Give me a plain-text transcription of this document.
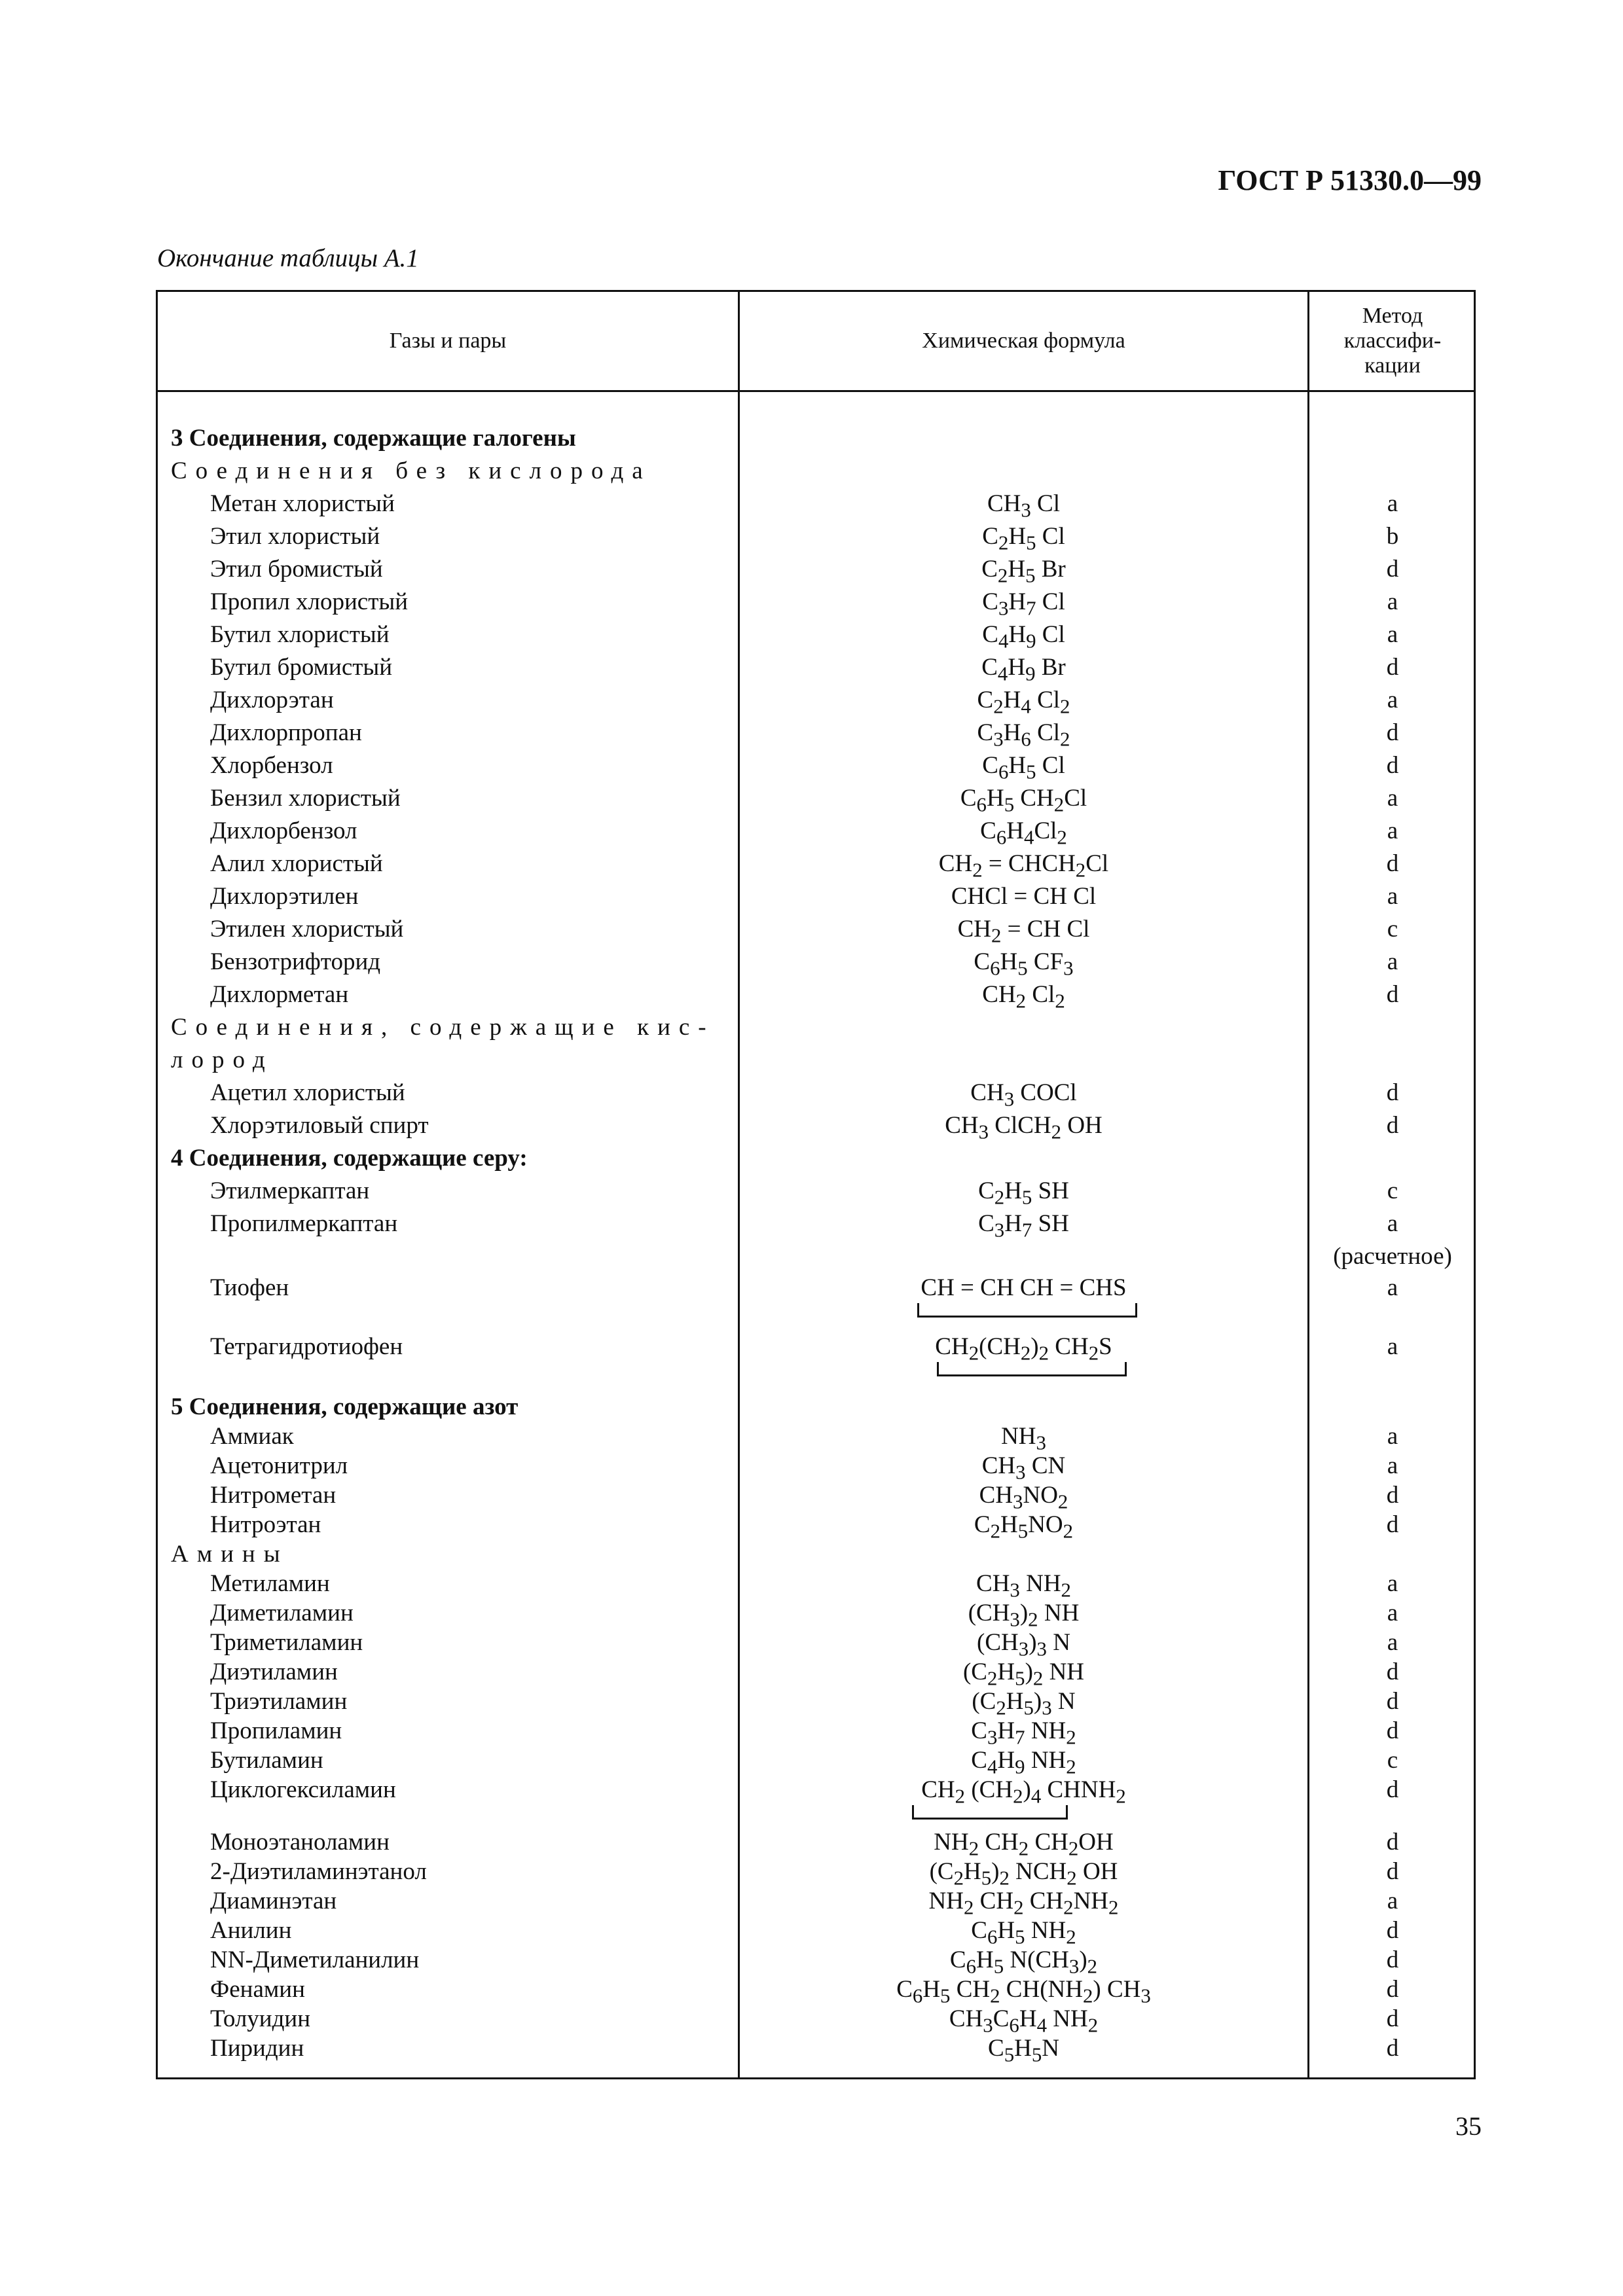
ГОСТ Р 51330.0—99
Окончание таблицы А.1
Газы и пары	Химическая формула
Метод
классифи-
кации
3 Соединения, содержащие галогены
Соединения без кислорода
Метан хлористый	$CH_3$ Cl	a
Этил хлористый	$C_2H_5$ Cl	b
Этил бромистый	$C_2H_5$ Br	d
Пропил хлористый	$C_3H_7$ Cl	a
Бутил хлористый	$C_4H_9$ Cl	a
Бутил бромистый	$C_4H_9$ Br	d
Дихлорэтан	$C_2H_4$ $Cl_2$	a
Дихлорпропан	$C_3H_6$ $Cl_2$	d
Хлорбензол	$C_6H_5$ Cl	d
Бензил хлористый	$C_6H_5$ $CH_2Cl$	a
Дихлорбензол	$C_6H_4Cl_2$	a
Алил хлористый	$CH_2$ = $CHCH_2Cl$	d
Дихлорэтилен	CHCl = CH Cl	a
Этилен хлористый	$CH_2$ = CH Cl	c
Бензотрифторид	$C_6H_5$ $CF_3$	a
Дихлорметан	$CH_2$ $Cl_2$	d
Соединения, содержащие кис-
лород
Ацетил хлористый	$CH_3$ COCl	d
Хлорэтиловый спирт	$CH_3$ ClCH$_2$ OH	d
4 Соединения, содержащие серу:
Этилмеркаптан	$C_2H_5$ SH	c
Пропилмеркаптан	$C_3H_7$ SH	a
(расчетное)
Тиофен	CH = CH CH = CHS	a
Тетрагидротиофен	$CH_2(CH_2)_2$ $CH_2S$	a
5 Соединения, содержащие азот
Аммиак	$NH_3$	a
Ацетонитрил	$CH_3$ CN	a
Нитрометан	$CH_3NO_2$	d
Нитроэтан	$C_2H_5NO_2$	d
Амины
Метиламин	$CH_3$ $NH_2$	a
Диметиламин	$(CH_3)_2$ NH	a
Триметиламин	$(CH_3)_3$ N	a
Диэтиламин	$(C_2H_5)_2$ NH	d
Триэтиламин	$(C_2H_5)_3$ N	d
Пропиламин	$C_3H_7$ $NH_2$	d
Бутиламин	$C_4H_9$ $NH_2$	c
Циклогексиламин	$CH_2$ $(CH_2)_4$ $CHNH_2$	d
Моноэтаноламин	$NH_2$ $CH_2$ $CH_2OH$	d
2-Диэтиламинэтанол	$(C_2H_5)_2$ $NCH_2$ OH	d
Диаминэтан	$NH_2$ $CH_2$ $CH_2NH_2$	a
Анилин	$C_6H_5$ $NH_2$	d
NN-Диметиланилин	$C_6H_5$ $N(CH_3)_2$	d
Фенамин	$C_6H_5$ $CH_2$ $CH(NH_2)$ $CH_3$	d
Толуидин	$CH_3C_6H_4$ $NH_2$	d
Пиридин	$C_5H_5N$	d
35
